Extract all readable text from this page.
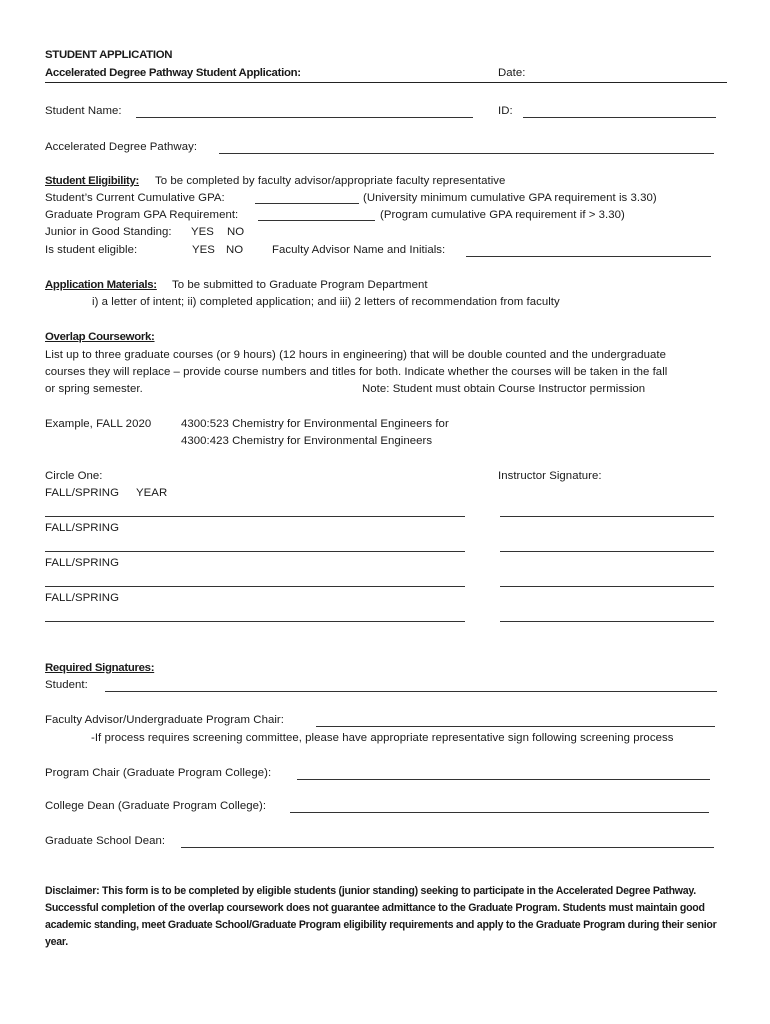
STUDENT APPLICATION
Accelerated Degree Pathway Student Application:	Date:
Student Name:	ID:
Accelerated Degree Pathway:
Student Eligibility: To be completed by faculty advisor/appropriate faculty representative
Student’s Current Cumulative GPA:	(University minimum cumulative GPA requirement is 3.30)
Graduate Program GPA Requirement:	(Program cumulative GPA requirement if > 3.30)
Junior in Good Standing: YES NO
Is student eligible:	YES NO	Faculty Advisor Name and Initials:
Application Materials: To be submitted to Graduate Program Department
i) a letter of intent; ii) completed application; and iii) 2 letters of recommendation from faculty
Overlap Coursework:
List up to three graduate courses (or 9 hours) (12 hours in engineering) that will be double counted and the undergraduate
courses they will replace – provide course numbers and titles for both. Indicate whether the courses will be taken in the fall
or spring semester.	Note: Student must obtain Course Instructor permission
Example, FALL 2020	4300:523 Chemistry for Environmental Engineers for
4300:423 Chemistry for Environmental Engineers
Circle One:	Instructor Signature:
FALL/SPRING YEAR
FALL/SPRING
FALL/SPRING
FALL/SPRING
Required Signatures:
Student:
Faculty Advisor/Undergraduate Program Chair:
-If process requires screening committee, please have appropriate representative sign following screening process
Program Chair (Graduate Program College):
College Dean (Graduate Program College):
Graduate School Dean:
Disclaimer: This form is to be completed by eligible students (junior standing) seeking to participate in the Accelerated Degree Pathway. Successful completion of the overlap coursework does not guarantee admittance to the Graduate Program. Students must maintain good academic standing, meet Graduate School/Graduate Program eligibility requirements and apply to the Graduate Program during their senior year.
